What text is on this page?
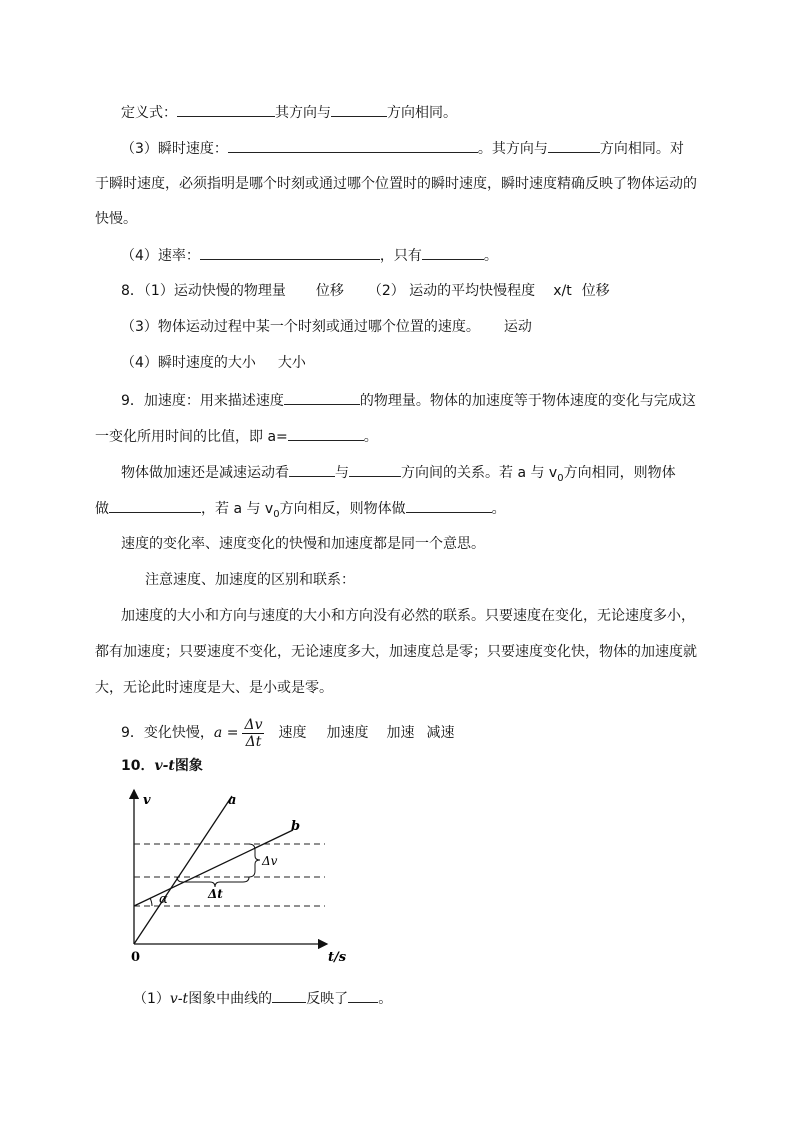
定义式：	其方向与	方向相同。
（3）瞬时速度：	。其方向与	方向相同。对
于瞬时速度，必须指明是哪个时刻或通过哪个位置时的瞬时速度，瞬时速度精确反映了物体运动的
快慢。
（4）速率：	，只有	。
8．（1）运动快慢的物理量 位移 （2） 运动的平均快慢程度 x/t 位移
（3）物体运动过程中某一个时刻或通过哪个位置的速度。 运动
（4）瞬时速度的大小 大小
9．加速度：用来描述速度	的物理量。物体的加速度等于物体速度的变化与完成这
一变化所用时间的比值，即 a=	。
物体做加速还是减速运动看	与	方向间的关系。若 a 与 $v_0$方向相同，则物体
做	，若 a 与 $v_0$方向相反，则物体做	。
速度的变化率、速度变化的快慢和加速度都是同一个意思。
注意速度、加速度的区别和联系：
加速度的大小和方向与速度的大小和方向没有必然的联系。只要速度在变化，无论速度多小，
都有加速度；只要速度不变化，无论速度多大，加速度总是零；只要速度变化快，物体的加速度就
大，无论此时速度是大、是小或是零。
9．变化快慢，$a = \frac{\Delta v}{\Delta t}$ 速度 加速度 加速 减速
10．v-t图象
v
t/s
0
a
b
Δv
Δt
α
（1）v-t图象中曲线的 反映了 。
